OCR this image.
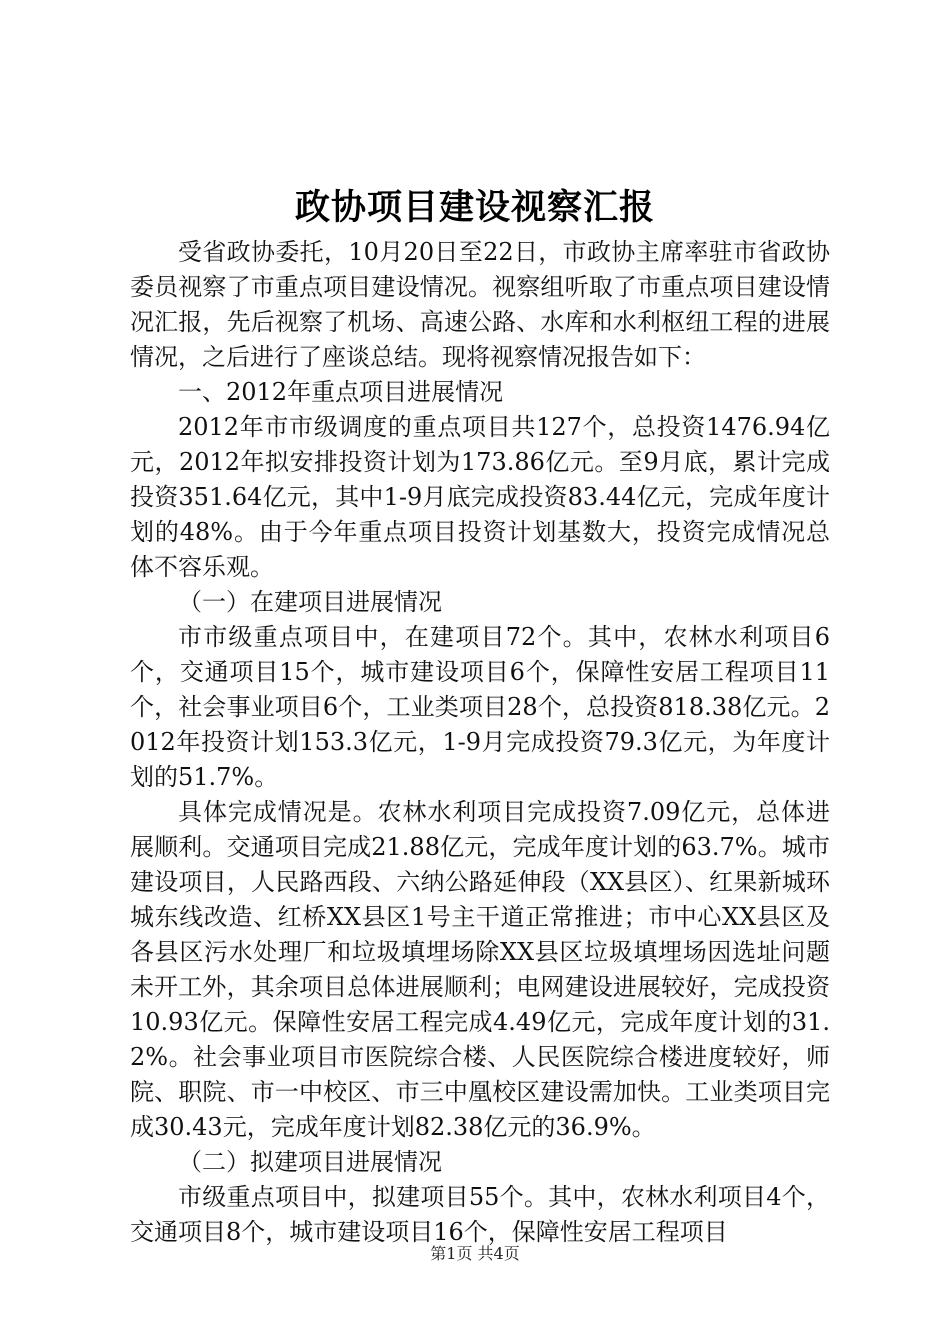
政协项目建设视察汇报

受省政协委托，10月20日至22日，市政协主席率驻市省政协委员视察了市重点项目建设情况。视察组听取了市重点项目建设情况汇报，先后视察了机场、高速公路、水库和水利枢纽工程的进展情况，之后进行了座谈总结。现将视察情况报告如下：

一、2012年重点项目进展情况

2012年市市级调度的重点项目共127个，总投资1476.94亿元，2012年拟安排投资计划为173.86亿元。至9月底，累计完成投资351.64亿元，其中1-9月底完成投资83.44亿元，完成年度计划的48%。由于今年重点项目投资计划基数大，投资完成情况总体不容乐观。

（一）在建项目进展情况

市市级重点项目中，在建项目72个。其中，农林水利项目6个，交通项目15个，城市建设项目6个，保障性安居工程项目11个，社会事业项目6个，工业类项目28个，总投资818.38亿元。2012年投资计划153.3亿元，1-9月完成投资79.3亿元，为年度计划的51.7%。

具体完成情况是。农林水利项目完成投资7.09亿元，总体进展顺利。交通项目完成21.88亿元，完成年度计划的63.7%。城市建设项目，人民路西段、六纳公路延伸段（XX县区）、红果新城环城东线改造、红桥XX县区1号主干道正常推进；市中心XX县区及各县区污水处理厂和垃圾填埋场除XX县区垃圾填埋场因选址问题未开工外，其余项目总体进展顺利；电网建设进展较好，完成投资10.93亿元。保障性安居工程完成4.49亿元，完成年度计划的31.2%。社会事业项目市医院综合楼、人民医院综合楼进度较好，师院、职院、市一中校区、市三中凰校区建设需加快。工业类项目完成30.43元，完成年度计划82.38亿元的36.9%。

（二）拟建项目进展情况

市级重点项目中，拟建项目55个。其中，农林水利项目4个，交通项目8个，城市建设项目16个，保障性安居工程项目

第1页 共4页
